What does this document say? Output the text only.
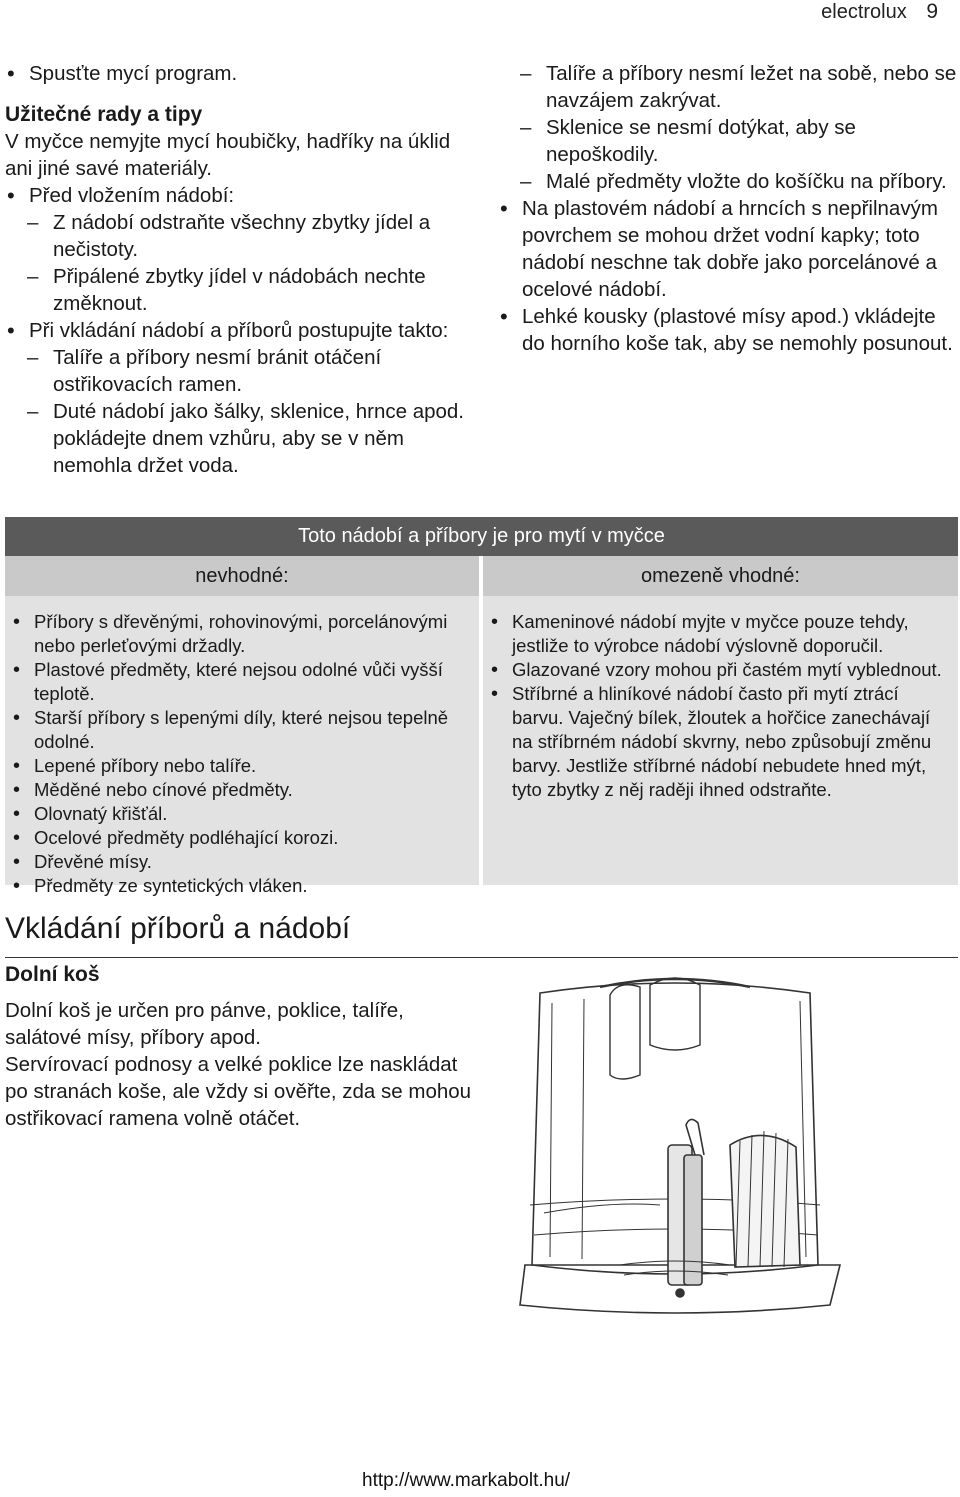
electrolux 9

• Spusťte mycí program.

Užitečné rady a tipy

V myčce nemyjte mycí houbičky, hadříky na úklid ani jiné savé materiály.

• Před vložením nádobí:

– Z nádobí odstraňte všechny zbytky jídel a nečistoty.

– Připálené zbytky jídel v nádobách nechte změknout.

• Při vkládání nádobí a příborů postupujte takto:

– Talíře a příbory nesmí bránit otáčení ostřikovacích ramen.

– Duté nádobí jako šálky, sklenice, hrnce apod. pokládejte dnem vzhůru, aby se v něm nemohla držet voda.

– Talíře a příbory nesmí ležet na sobě, nebo se navzájem zakrývat.

– Sklenice se nesmí dotýkat, aby se nepoškodily.

– Malé předměty vložte do košíčku na příbory.

• Na plastovém nádobí a hrncích s nepřilnavým povrchem se mohou držet vodní kapky; toto nádobí neschne tak dobře jako porcelánové a ocelové nádobí.

• Lehké kousky (plastové mísy apod.) vkládejte do horního koše tak, aby se nemohly posunout.

Toto nádobí a příbory je pro mytí v myčce
nevhodné:	omezeně vhodné:

• Příbory s dřevěnými, rohovinovými, porcelánovými nebo perleťovými držadly.

• Plastové předměty, které nejsou odolné vůči vyšší teplotě.

• Starší příbory s lepenými díly, které nejsou tepelně odolné.

• Lepené příbory nebo talíře.

• Měděné nebo cínové předměty.

• Olovnatý křišťál.

• Ocelové předměty podléhající korozi.

• Dřevěné mísy.

• Předměty ze syntetických vláken.

• Kameninové nádobí myjte v myčce pouze tehdy, jestliže to výrobce nádobí výslovně doporučil.

• Glazované vzory mohou při častém mytí vyblednout.

• Stříbrné a hliníkové nádobí často při mytí ztrácí barvu. Vaječný bílek, žloutek a hořčice zanechávají na stříbrném nádobí skvrny, nebo způsobují změnu barvy. Jestliže stříbrné nádobí nebudete hned mýt, tyto zbytky z něj raději ihned odstraňte.

Vkládání příborů a nádobí
Dolní koš

Dolní koš je určen pro pánve, poklice, talíře, salátové mísy, příbory apod.

Servírovací podnosy a velké poklice lze naskládat po stranách koše, ale vždy si ověřte, zda se mohou ostřikovací ramena volně otáčet.

http://www.markabolt.hu/
